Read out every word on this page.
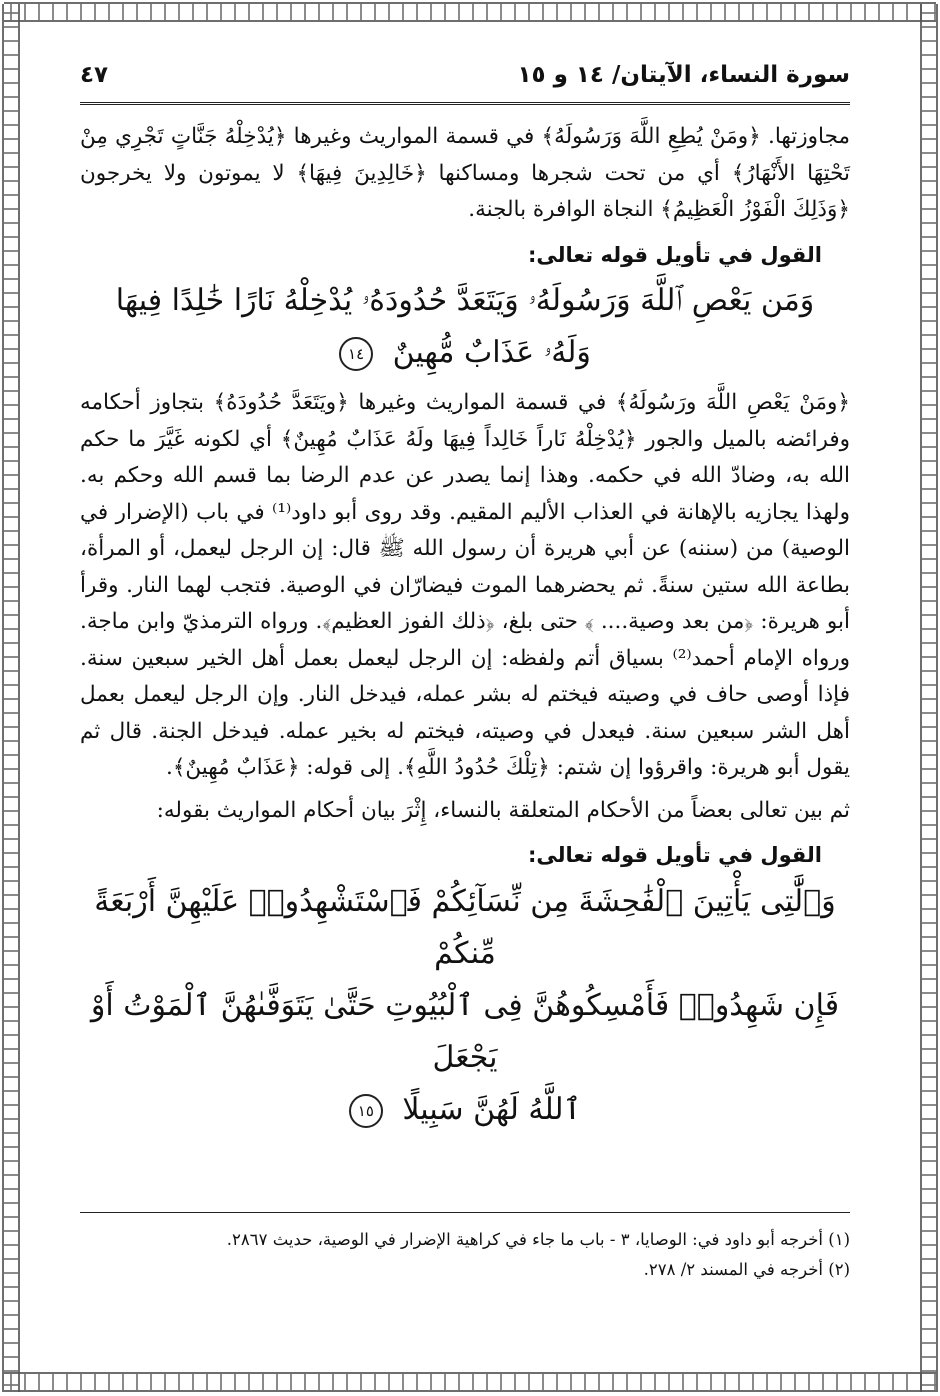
سورة النساء، الآيتان/ ١٤ و ١٥
٤٧

مجاوزتها. ﴿ومَنْ يُطِعِ اللَّهَ وَرَسُولَهُ﴾ في قسمة المواريث وغيرها ﴿يُدْخِلْهُ جَنَّاتٍ تَجْرِي مِنْ تَحْتِهَا الأَنْهَارُ﴾ أي من تحت شجرها ومساكنها ﴿خَالِدِينَ فِيهَا﴾ لا يموتون ولا يخرجون ﴿وَذَلِكَ الْفَوْزُ الْعَظِيمُ﴾ النجاة الوافرة بالجنة.

القول في تأويل قوله تعالى:
وَمَن يَعْصِ ٱللَّهَ وَرَسُولَهُۥ وَيَتَعَدَّ حُدُودَهُۥ يُدْخِلْهُ نَارًا خَٰلِدًا فِيهَا
وَلَهُۥ عَذَابٌ مُّهِينٌ ١٤

﴿ومَنْ يَعْصِ اللَّهَ ورَسُولَهُ﴾ في قسمة المواريث وغيرها ﴿ويَتَعَدَّ حُدُودَهُ﴾ بتجاوز أحكامه وفرائضه بالميل والجور ﴿يُدْخِلْهُ نَاراً خَالِداً فِيهَا ولَهُ عَذَابٌ مُهِينٌ﴾ أي لكونه غَيَّرَ ما حكم الله به، وضادّ الله في حكمه. وهذا إنما يصدر عن عدم الرضا بما قسم الله وحكم به. ولهذا يجازيه بالإهانة في العذاب الأليم المقيم. وقد روى أبو داود⁽¹⁾ في باب (الإضرار في الوصية) من (سننه) عن أبي هريرة أن رسول الله ﷺ قال: إن الرجل ليعمل، أو المرأة، بطاعة الله ستين سنةً. ثم يحضرهما الموت فيضارّان في الوصية. فتجب لهما النار. وقرأ أبو هريرة: ﴿من بعد وصية.... ﴾ حتى بلغ، ﴿ذلك الفوز العظيم﴾. ورواه الترمذيّ وابن ماجة. ورواه الإمام أحمد⁽²⁾ بسياق أتم ولفظه: إن الرجل ليعمل بعمل أهل الخير سبعين سنة. فإذا أوصى حاف في وصيته فيختم له بشر عمله، فيدخل النار. وإن الرجل ليعمل بعمل أهل الشر سبعين سنة. فيعدل في وصيته، فيختم له بخير عمله. فيدخل الجنة. قال ثم يقول أبو هريرة: واقرؤوا إن شتم: ﴿تِلْكَ حُدُودُ اللَّهِ﴾. إلى قوله: ﴿عَذَابٌ مُهِينٌ﴾.

ثم بين تعالى بعضاً من الأحكام المتعلقة بالنساء، إِثْرَ بيان أحكام المواريث بقوله:

القول في تأويل قوله تعالى:
وَٱلَّٰتِى يَأْتِينَ ٱلْفَٰحِشَةَ مِن نِّسَآئِكُمْ فَٱسْتَشْهِدُوا۟ عَلَيْهِنَّ أَرْبَعَةً مِّنكُمْ
فَإِن شَهِدُوا۟ فَأَمْسِكُوهُنَّ فِى ٱلْبُيُوتِ حَتَّىٰ يَتَوَفَّىٰهُنَّ ٱلْمَوْتُ أَوْ يَجْعَلَ
ٱللَّهُ لَهُنَّ سَبِيلًا ١٥

(١) أخرجه أبو داود في: الوصايا، ٣ - باب ما جاء في كراهية الإضرار في الوصية، حديث ٢٨٦٧.

(٢) أخرجه في المسند ٢/ ٢٧٨.
